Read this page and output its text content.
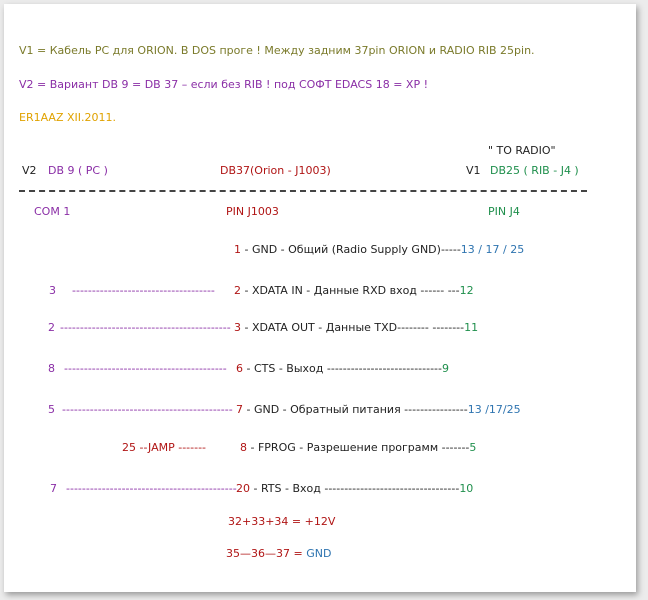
V1 = Кабель PC для ORION. В DOS проге ! Между задним 37pin ORION и RADIO RIB 25pin.
V2 = Вариант DB 9 = DB 37 – если без RIB ! под СОФТ EDACS 18 = XP !
ER1AAZ XII.2011.
" TO RADIO"
V2 DB 9 ( PC )	DB37(Orion - J1003)	V1 DB25 ( RIB - J4 )
COM 1	PIN J1003	PIN J4
1 - GND - Общий (Radio Supply GND)-----13 / 17 / 25
3 ------------------------------------ 2 - XDATA IN - Данные RXD вход ------ ---12
2 ------------------------------------------- 3 - XDATA OUT - Данные TXD-------- --------11
8 ----------------------------------------- 6 - CTS - Выход -----------------------------9
5 ------------------------------------------- 7 - GND - Обратный питания ----------------13 /17/25
25 --JAMP -------	8 - FPROG - Разрешение программ -------5
7 ------------------------------------------- 20 - RTS - Вход ----------------------------------10
32+33+34 = +12V
35—36—37 = GND
